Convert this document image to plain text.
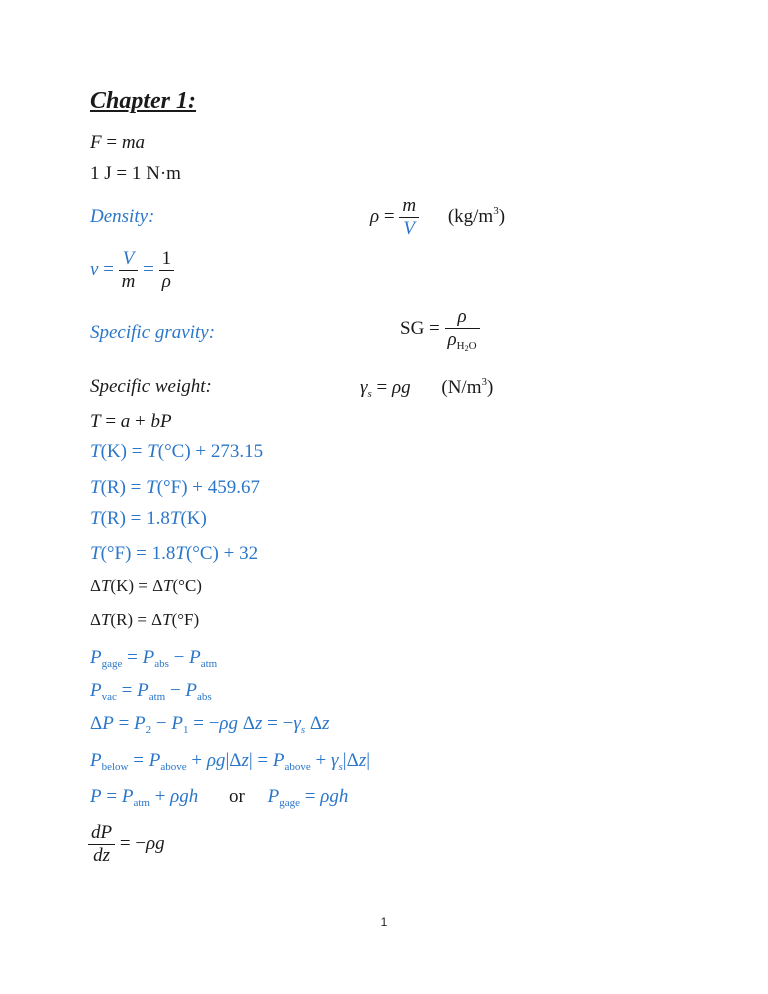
Chapter 1:
F = ma
1 J = 1 N·m
Density:	$\rho = \frac{m}{V} (kg/m^3)$
$v = \frac{V}{m} = \frac{1}{\rho}$
Specific gravity:	SG = $\frac{\rho}{\rho_{H_2O}}$
Specific weight:	$\gamma_s = \rho g$ $(N/m^3)$
T = a + bP
T(K) = T(°C) + 273.15
T(R) = T(°F) + 459.67
T(R) = 1.8T(K)
T(°F) = 1.8T(°C) + 32
ΔT(K) = ΔT(°C)
ΔT(R) = ΔT(°F)
$P_{gage} = P_{abs} - P_{atm}$
$P_{vac} = P_{atm} - P_{abs}$
$\Delta P = P_2 - P_1 = -\rho g$ $\Delta z = -\gamma_s$ Δz
$P_{below} = P_{above} + \rho g|\Delta z| = P_{above} + \gamma_s|\Delta z|$
$P = P_{atm} + \rho gh$ or $P_{gage} = \rho gh$
$\frac{dP}{dz} = -\rho g$
1
